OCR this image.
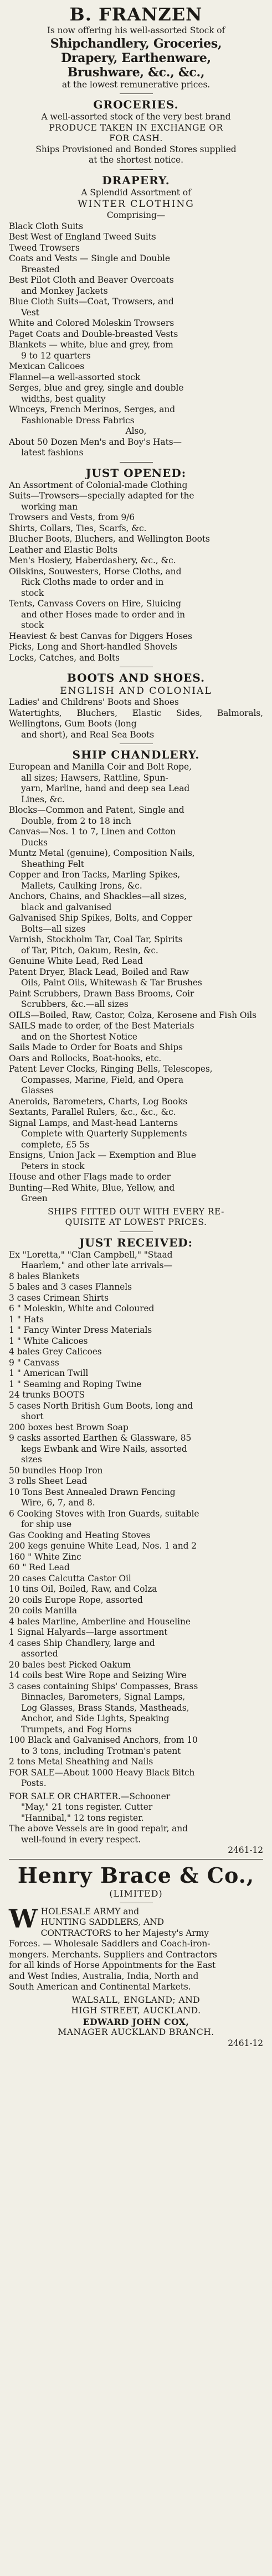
B. FRANZEN
Is now offering his well-assorted Stock of
Shipchandlery, Groceries,
Drapery, Earthenware,
Brushware, &c., &c.,
at the lowest remunerative prices.
GROCERIES.
A well-assorted stock of the very best brand
PRODUCE TAKEN IN EXCHANGE OR
FOR CASH.
Ships Provisioned and Bonded Stores supplied
at the shortest notice.
DRAPERY.
A Splendid Assortment of
WINTER CLOTHING
Comprising—
Black Cloth Suits
Best West of England Tweed Suits
Tweed Trowsers
Coats and Vests — Single and Double
Breasted
Best Pilot Cloth and Beaver Overcoats
and Monkey Jackets
Blue Cloth Suits—Coat, Trowsers, and
Vest
White and Colored Moleskin Trowsers
Paget Coats and Double-breasted Vests
Blankets — white, blue and grey, from
9 to 12 quarters
Mexican Calicoes
Flannel—a well-assorted stock
Serges, blue and grey, single and double
widths, best quality
Winceys, French Merinos, Serges, and
Fashionable Dress Fabrics
Also,
About 50 Dozen Men's and Boy's Hats—
latest fashions
JUST OPENED:
An Assortment of Colonial-made Clothing
Suits—Trowsers—specially adapted for the
working man
Trowsers and Vests, from 9/6
Shirts, Collars, Ties, Scarfs, &c.
Blucher Boots, Bluchers, and Wellington Boots
Leather and Elastic Bolts
Men's Hosiery, Haberdashery, &c., &c.
Oilskins, Souwesters, Horse Cloths, and
Rick Cloths made to order and in
stock
Tents, Canvass Covers on Hire, Sluicing
and other Hoses made to order and in
stock
Heaviest & best Canvas for Diggers Hoses
Picks, Long and Short-handled Shovels
Locks, Catches, and Bolts
BOOTS AND SHOES.
ENGLISH AND COLONIAL
Ladies' and Childrens' Boots and Shoes
Watertights, Bluchers, Elastic Sides, Balmorals, Wellingtons, Gum Boots (long
and short), and Real Sea Boots
SHIP CHANDLERY.
European and Manilla Coir and Bolt Rope,
all sizes; Hawsers, Rattline, Spun-
yarn, Marline, hand and deep sea Lead
Lines, &c.
Blocks—Common and Patent, Single and
Double, from 2 to 18 inch
Canvas—Nos. 1 to 7, Linen and Cotton
Ducks
Muntz Metal (genuine), Composition Nails,
Sheathing Felt
Copper and Iron Tacks, Marling Spikes,
Mallets, Caulking Irons, &c.
Anchors, Chains, and Shackles—all sizes,
black and galvanised
Galvanised Ship Spikes, Bolts, and Copper
Bolts—all sizes
Varnish, Stockholm Tar, Coal Tar, Spirits
of Tar, Pitch, Oakum, Resin, &c.
Genuine White Lead, Red Lead
Patent Dryer, Black Lead, Boiled and Raw
Oils, Paint Oils, Whitewash & Tar Brushes
Paint Scrubbers, Drawn Bass Brooms, Coir
Scrubbers, &c.—all sizes
OILS—Boiled, Raw, Castor, Colza, Kerosene and Fish Oils
SAILS made to order, of the Best Materials
and on the Shortest Notice
Sails Made to Order for Boats and Ships
Oars and Rollocks, Boat-hooks, etc.
Patent Lever Clocks, Ringing Bells, Telescopes,
Compasses, Marine, Field, and Opera
Glasses
Aneroids, Barometers, Charts, Log Books
Sextants, Parallel Rulers, &c., &c., &c.
Signal Lamps, and Mast-head Lanterns
Complete with Quarterly Supplements
complete, £5 5s
Ensigns, Union Jack — Exemption and Blue
Peters in stock
House and other Flags made to order
Bunting—Red White, Blue, Yellow, and
Green
SHIPS FITTED OUT WITH EVERY RE-
QUISITE AT LOWEST PRICES.
JUST RECEIVED:
Ex "Loretta," "Clan Campbell," "Staad
Haarlem," and other late arrivals—
8 bales Blankets
5 bales and 3 cases Flannels
3 cases Crimean Shirts
6 " Moleskin, White and Coloured
1 " Hats
1 " Fancy Winter Dress Materials
1 " White Calicoes
4 bales Grey Calicoes
9 " Canvass
1 " American Twill
1 " Seaming and Roping Twine
24 trunks BOOTS
5 cases North British Gum Boots, long and
short
200 boxes best Brown Soap
9 casks assorted Earthen & Glassware, 85
kegs Ewbank and Wire Nails, assorted
sizes
50 bundles Hoop Iron
3 rolls Sheet Lead
10 Tons Best Annealed Drawn Fencing
Wire, 6, 7, and 8.
6 Cooking Stoves with Iron Guards, suitable
for ship use
Gas Cooking and Heating Stoves
200 kegs genuine White Lead, Nos. 1 and 2
160 " White Zinc
60 " Red Lead
20 cases Calcutta Castor Oil
10 tins Oil, Boiled, Raw, and Colza
20 coils Europe Rope, assorted
20 coils Manilla
4 bales Marline, Amberline and Houseline
1 Signal Halyards—large assortment
4 cases Ship Chandlery, large and
assorted
20 bales best Picked Oakum
14 coils best Wire Rope and Seizing Wire
3 cases containing Ships' Compasses, Brass
Binnacles, Barometers, Signal Lamps,
Log Glasses, Brass Stands, Mastheads,
Anchor, and Side Lights, Speaking
Trumpets, and Fog Horns
100 Black and Galvanised Anchors, from 10
to 3 tons, including Trotman's patent
2 tons Metal Sheathing and Nails
FOR SALE—About 1000 Heavy Black Bitch
Posts.
FOR SALE OR CHARTER.—Schooner
"May," 21 tons register. Cutter
"Hannibal," 12 tons register.
The above Vessels are in good repair, and
well-found in every respect.
2461-12
Henry Brace & Co.,
(LIMITED)
W HOLESALE ARMY and
HUNTING SADDLERS, AND
CONTRACTORS to her Majesty's Army
Forces. — Wholesale Saddlers and Coach-iron-
mongers. Merchants. Suppliers and Contractors
for all kinds of Horse Appointments for the East
and West Indies, Australia, India, North and
South American and Continental Markets.
WALSALL, ENGLAND; AND
HIGH STREET, AUCKLAND.
EDWARD JOHN COX,
MANAGER AUCKLAND BRANCH.
2461-12
